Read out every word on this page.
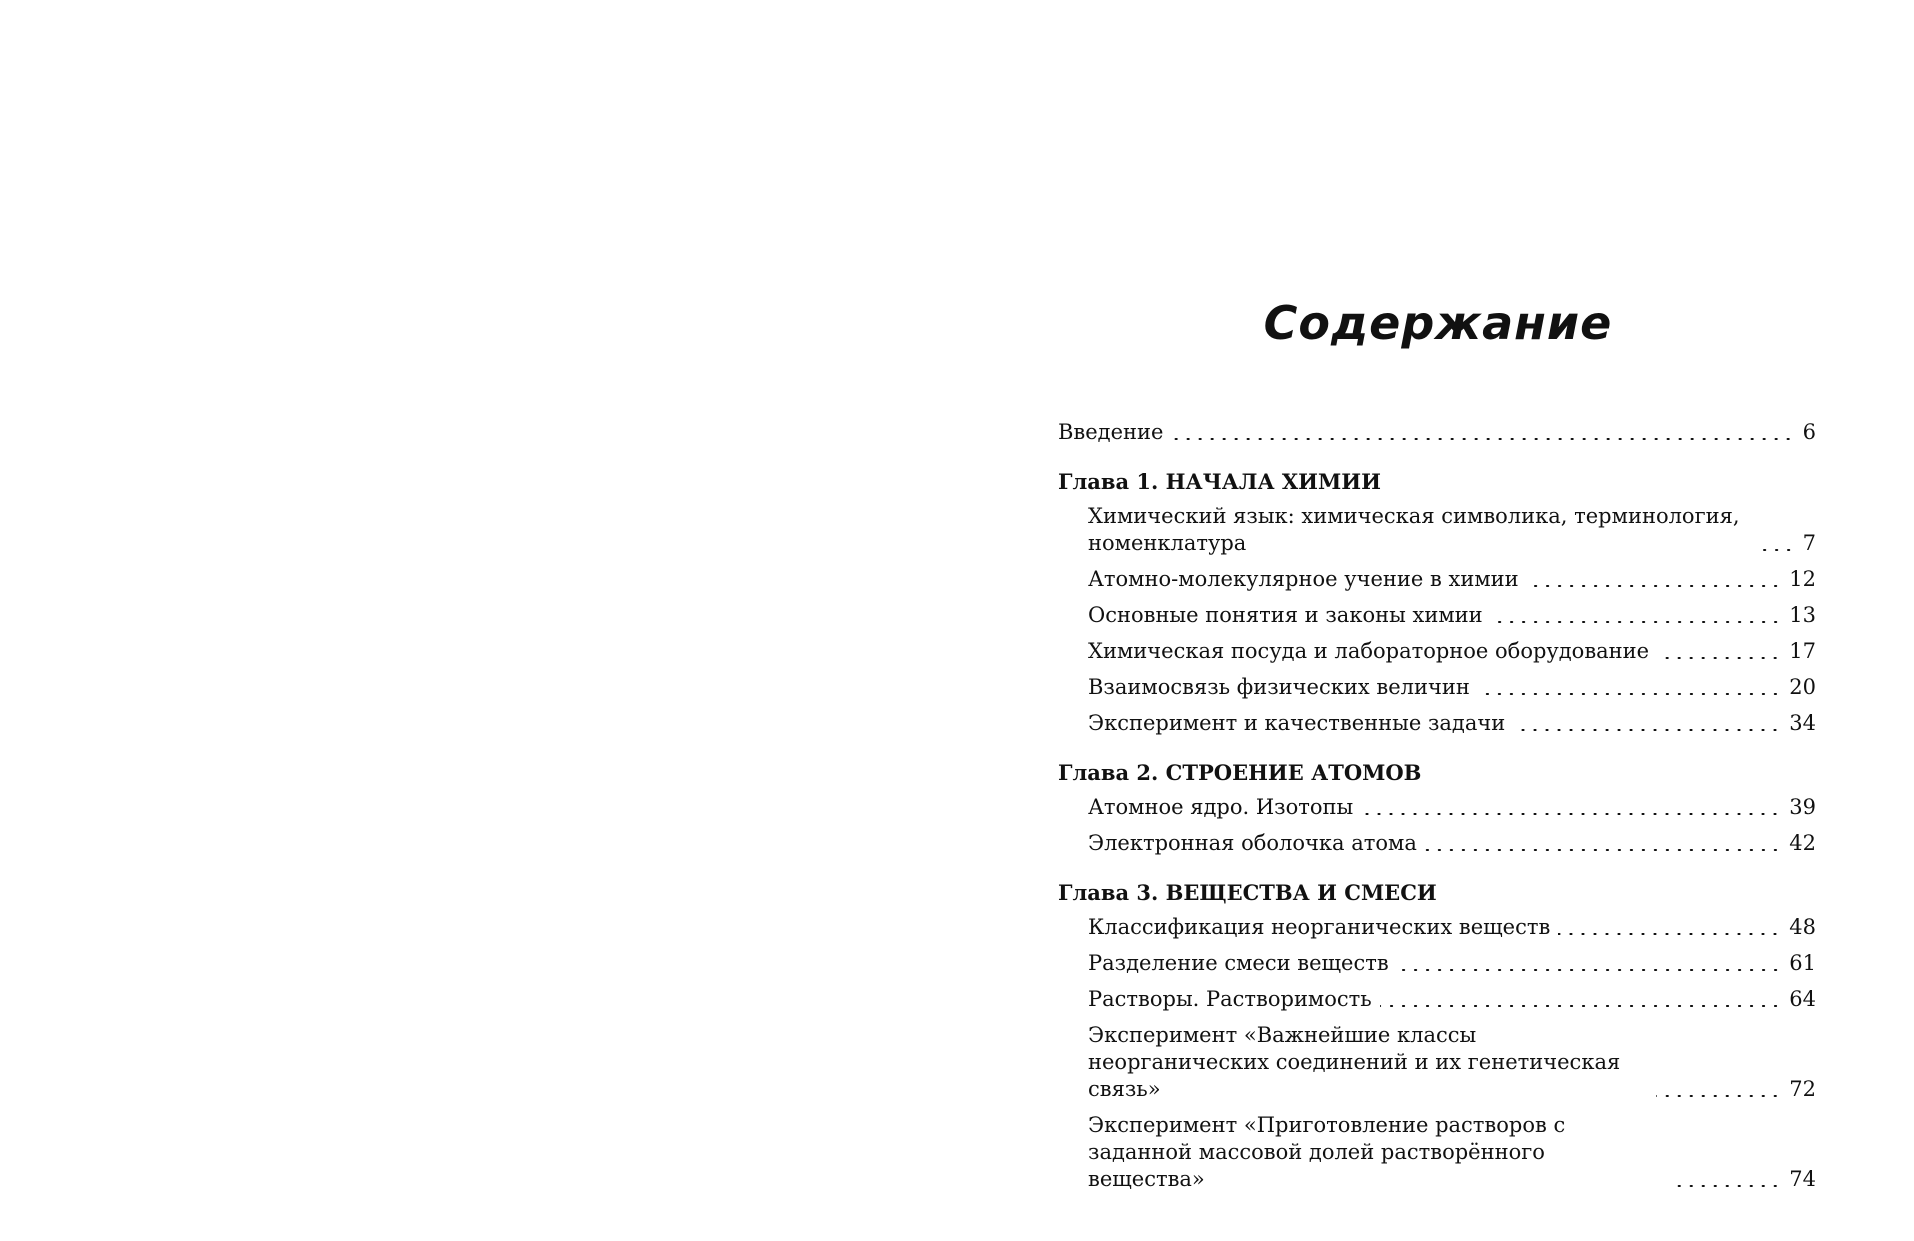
Содержание
Введение	6
Глава 1. НАЧАЛА ХИМИИ
Химический язык: химическая символика, терминология, номенклатура	7
Атомно-молекулярное учение в химии	12
Основные понятия и законы химии	13
Химическая посуда и лабораторное оборудование	17
Взаимосвязь физических величин	20
Эксперимент и качественные задачи	34
Глава 2. СТРОЕНИЕ АТОМОВ
Атомное ядро. Изотопы	39
Электронная оболочка атома	42
Глава 3. ВЕЩЕСТВА И СМЕСИ
Классификация неорганических веществ	48
Разделение смеси веществ	61
Растворы. Растворимость	64
Эксперимент «Важнейшие классы неорганических соединений и их генетическая связь»	72
Эксперимент «Приготовление растворов с заданной массовой долей растворённого вещества»	74
